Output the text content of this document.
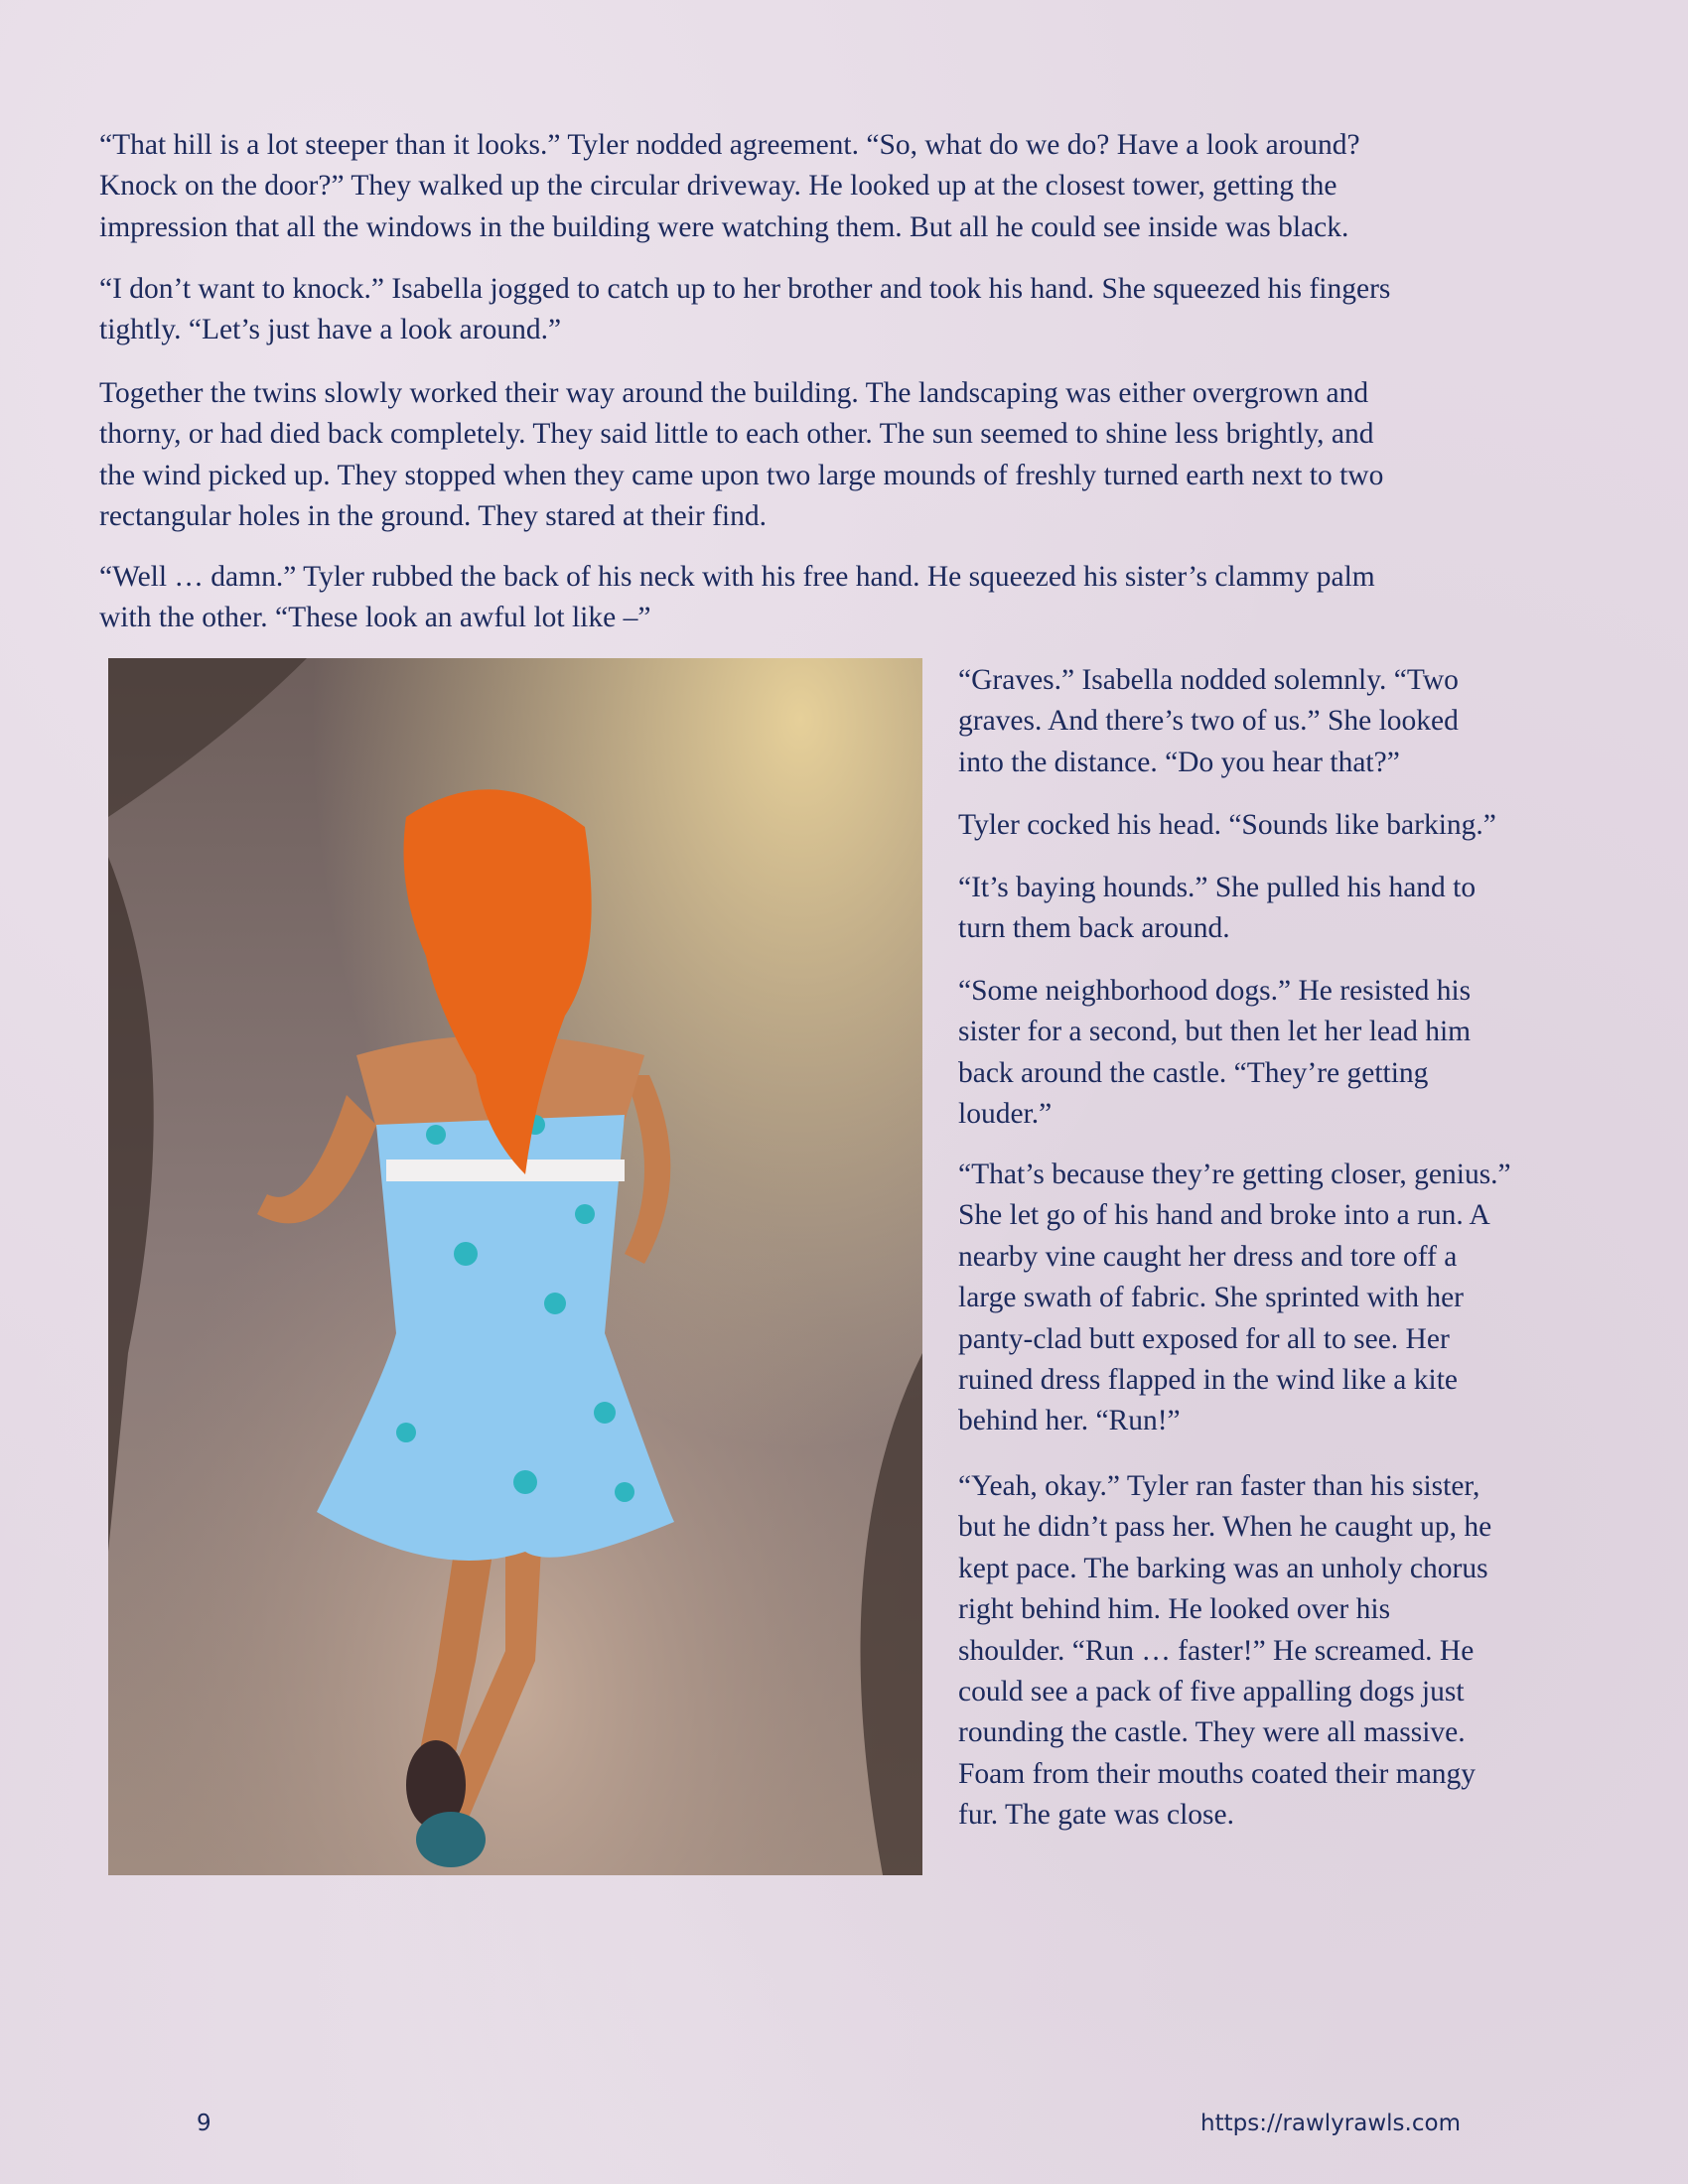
“That hill is a lot steeper than it looks.” Tyler nodded agreement. “So, what do we do? Have a look around?
Knock on the door?” They walked up the circular driveway. He looked up at the closest tower, getting the
impression that all the windows in the building were watching them. But all he could see inside was black.
“I don’t want to knock.” Isabella jogged to catch up to her brother and took his hand. She squeezed his fingers
tightly. “Let’s just have a look around.”
Together the twins slowly worked their way around the building. The landscaping was either overgrown and
thorny, or had died back completely. They said little to each other. The sun seemed to shine less brightly, and
the wind picked up. They stopped when they came upon two large mounds of freshly turned earth next to two
rectangular holes in the ground. They stared at their find.
“Well … damn.” Tyler rubbed the back of his neck with his free hand. He squeezed his sister’s clammy palm
with the other. “These look an awful lot like –”
“Graves.” Isabella nodded solemnly. “Two
graves. And there’s two of us.” She looked
into the distance. “Do you hear that?”
Tyler cocked his head. “Sounds like barking.”
“It’s baying hounds.” She pulled his hand to
turn them back around.
“Some neighborhood dogs.” He resisted his
sister for a second, but then let her lead him
back around the castle. “They’re getting
louder.”
“That’s because they’re getting closer, genius.”
She let go of his hand and broke into a run. A
nearby vine caught her dress and tore off a
large swath of fabric. She sprinted with her
panty-clad butt exposed for all to see. Her
ruined dress flapped in the wind like a kite
behind her. “Run!”
“Yeah, okay.” Tyler ran faster than his sister,
but he didn’t pass her. When he caught up, he
kept pace. The barking was an unholy chorus
right behind him. He looked over his
shoulder. “Run … faster!” He screamed. He
could see a pack of five appalling dogs just
rounding the castle. They were all massive.
Foam from their mouths coated their mangy
fur. The gate was close.
9	https://rawlyrawls.com
